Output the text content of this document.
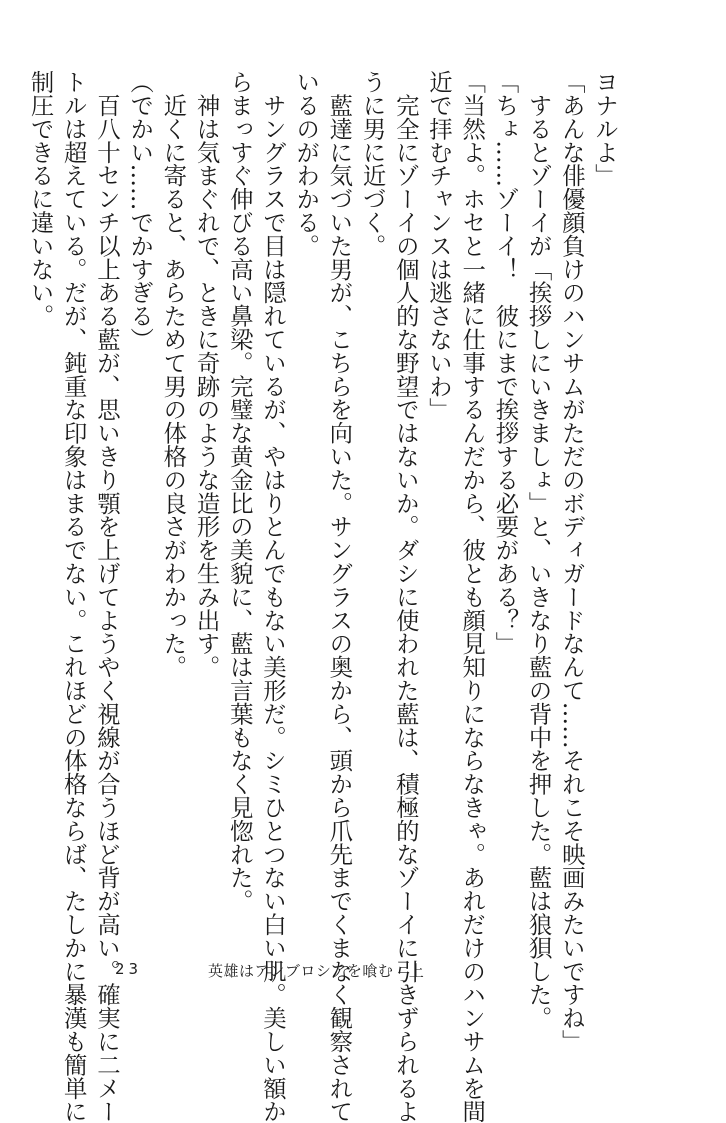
ヨナルよ」
「あんな俳優顔負けのハンサムがただのボディガードなんて……それこそ映画みたいですね」
　するとゾーイが「挨拶しにいきましょ」と、いきなり藍の背中を押した。藍は狼狽した。
「ちょ……ゾーイ！　彼にまで挨拶する必要がある？」
「当然よ。ホセと一緒に仕事するんだから、彼とも顔見知りにならなきゃ。あれだけのハンサムを間
近で拝むチャンスは逃さないわ」
　完全にゾーイの個人的な野望ではないか。ダシに使われた藍は、積極的なゾーイに引きずられるよ
うに男に近づく。
　藍達に気づいた男が、こちらを向いた。サングラスの奥から、頭から爪先までくまなく観察されて
いるのがわかる。
　サングラスで目は隠れているが、やはりとんでもない美形だ。シミひとつない白い肌。美しい額か
らまっすぐ伸びる高い鼻梁。完璧な黄金比の美貌に、藍は言葉もなく見惚れた。
　神は気まぐれで、ときに奇跡のような造形を生み出す。
　近くに寄ると、あらためて男の体格の良さがわかった。
（でかい……でかすぎる）
　百八十センチ以上ある藍が、思いきり顎を上げてようやく視線が合うほど背が高い。確実に二メー
トルは超えている。だが、鈍重な印象はまるでない。これほどの体格ならば、たしかに暴漢も簡単に
制圧できるに違いない。
23	英雄はアンブロシアを喰む　上
